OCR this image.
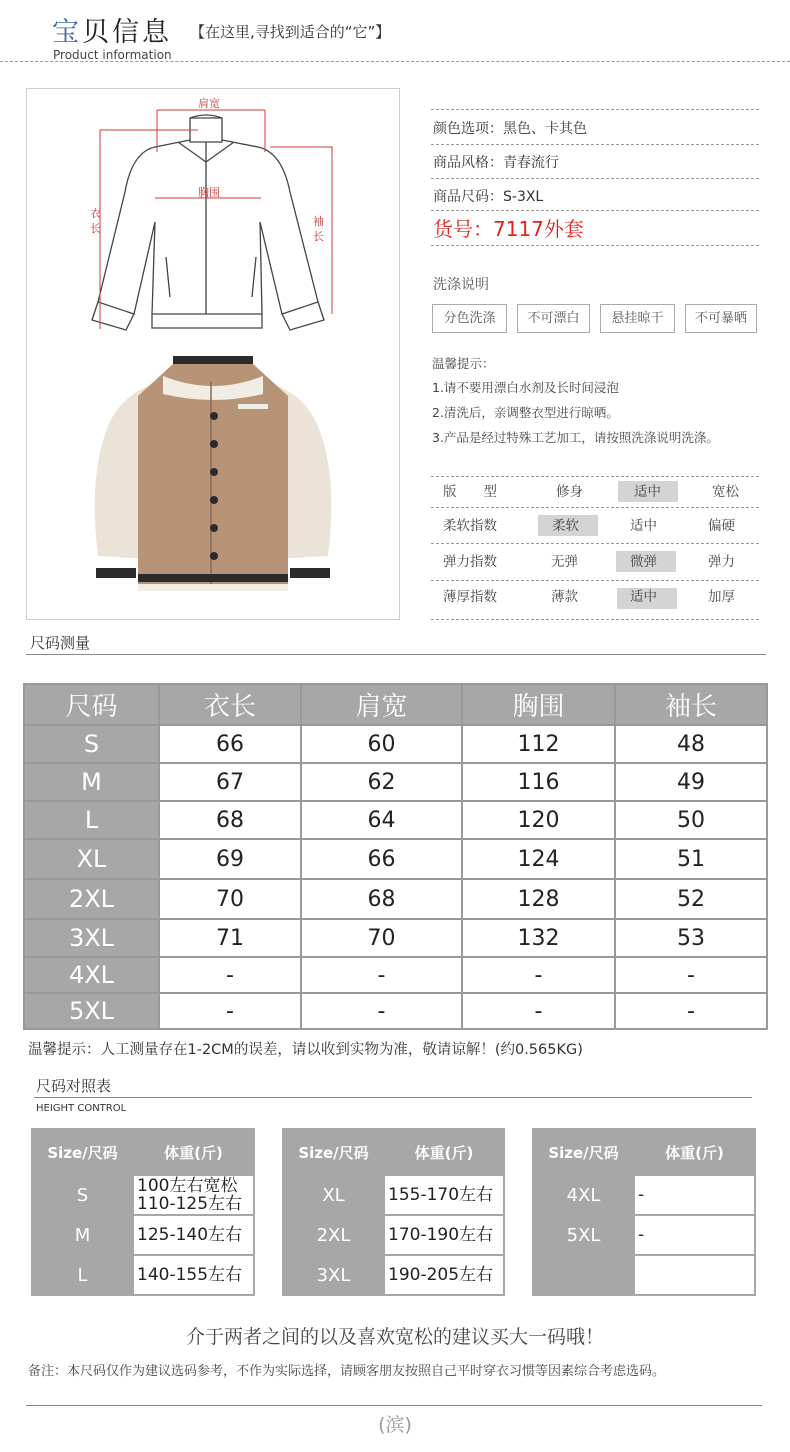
宝贝信息 【在这里,寻找到适合的“它”】
Product information
肩宽
胸围
衣长
袖长
颜色选项：黑色、卡其色
商品风格：青春流行
商品尺码：S-3XL
货号：7117外套
洗涤说明
分色洗涤	不可漂白	悬挂晾干	不可暴晒
温馨提示：
1.请不要用漂白水剂及长时间浸泡
2.清洗后，亲调整衣型进行晾晒。
3.产品是经过特殊工艺加工，请按照洗涤说明洗涤。
版　　型	修身	适中	宽松
柔软指数	柔软	适中	偏硬
弹力指数	无弹	微弹	弹力
薄厚指数	薄款	适中	加厚
尺码测量
尺码	衣长	肩宽	胸围	袖长
S	66	60	112	48
M	67	62	116	49
L	68	64	120	50
XL	69	66	124	51
2XL	70	68	128	52
3XL	71	70	132	53
4XL	-	-	-	-
5XL	-	-	-	-
温馨提示：人工测量存在1-2CM的误差，请以收到实物为准，敬请谅解！(约0.565KG)
尺码对照表
HEIGHT CONTROL
Size/尺码	体重(斤)
S	100左右宽松
110-125左右
M	125-140左右
L	140-155左右
Size/尺码	体重(斤)
XL	155-170左右
2XL	170-190左右
3XL	190-205左右
Size/尺码	体重(斤)
4XL	-
5XL	-

介于两者之间的以及喜欢宽松的建议买大一码哦！
备注：本尺码仅作为建议选码参考，不作为实际选择，请顾客朋友按照自己平时穿衣习惯等因素综合考虑选码。
(滨)
